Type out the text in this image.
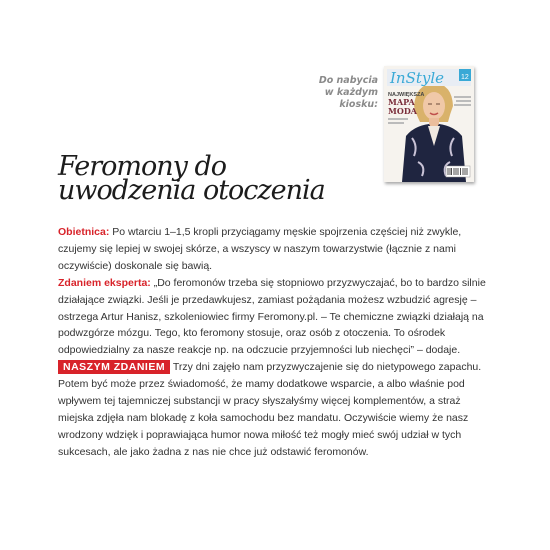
Do nabycia
w każdym kiosku:
InStyle 12
NAJWIĘKSZA
MAPA
MODA
Feromony do
uwodzenia otoczenia

Obietnica: Po wtarciu 1–1,5 kropli przyciągamy męskie spojrzenia częściej niż zwykle, czujemy się lepiej w swojej skórze, a wszyscy w naszym towarzystwie (łącznie z nami oczywiście) doskonale się bawią.

Zdaniem eksperta: „Do feromonów trzeba się stopniowo przyzwyczajać, bo to bardzo silnie działające związki. Jeśli je przedawkujesz, zamiast pożądania możesz wzbudzić agresję – ostrzega Artur Hanisz, szkoleniowiec firmy Feromony.pl. – Te chemiczne związki działają na podwzgórze mózgu. Tego, kto feromony stosuje, oraz osób z otoczenia. To ośrodek odpowiedzialny za nasze reakcje np. na odczucie przyjemności lub niechęci” – dodaje.

NASZYM ZDANIEM Trzy dni zajęło nam przyzwyczajenie się do nietypowego zapachu. Potem być może przez świadomość, że mamy dodatkowe wsparcie, a albo właśnie pod wpływem tej tajemniczej substancji w pracy słyszałyśmy więcej komplementów, a straż miejska zdjęła nam blokadę z koła samochodu bez mandatu. Oczywiście wiemy że nasz wrodzony wdzięk i poprawiająca humor nowa miłość też mogły mieć swój udział w tych sukcesach, ale jako żadna z nas nie chce już odstawić feromonów.
